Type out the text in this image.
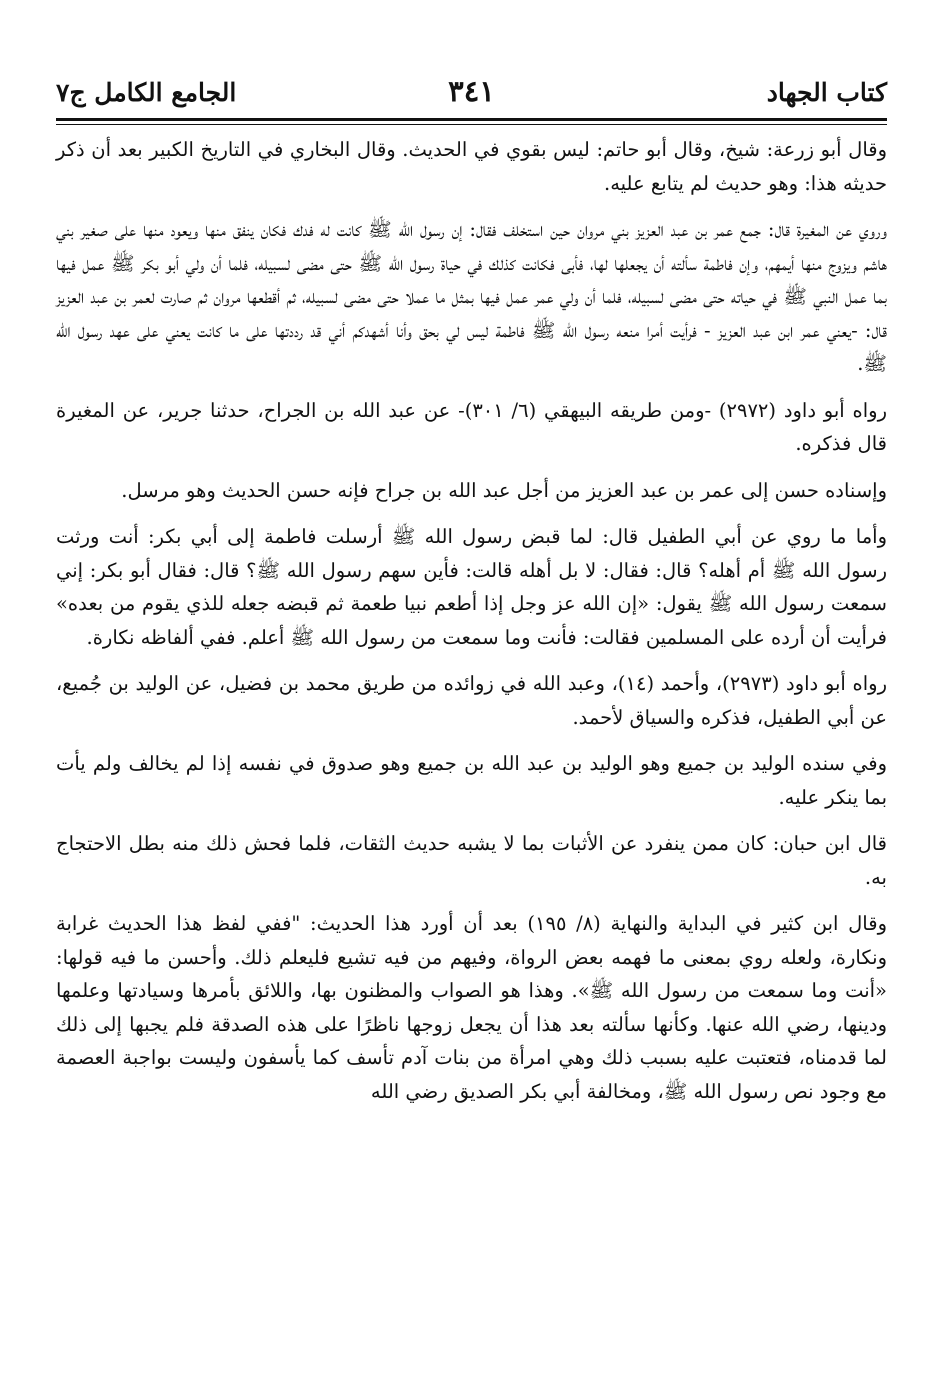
كتاب الجهاد
٣٤١
الجامع الكامل ج٧

وقال أبو زرعة: شيخ، وقال أبو حاتم: ليس بقوي في الحديث. وقال البخاري في التاريخ الكبير بعد أن ذكر حديثه هذا: وهو حديث لم يتابع عليه.

وروي عن المغيرة قال: جمع عمر بن عبد العزيز بني مروان حين استخلف فقال: إن رسول الله ﷺ كانت له فدك فكان ينفق منها ويعود منها على صغير بني هاشم ويزوج منها أيمهم، وإن فاطمة سألته أن يجعلها لها، فأبى فكانت كذلك في حياة رسول الله ﷺ حتى مضى لسبيله، فلما أن ولي أبو بكر ﷺ عمل فيها بما عمل النبي ﷺ في حياته حتى مضى لسبيله، فلما أن ولي عمر عمل فيها بمثل ما عملا حتى مضى لسبيله، ثم أقطعها مروان ثم صارت لعمر بن عبد العزيز قال: -يعني عمر ابن عبد العزيز - فرأيت أمرا منعه رسول الله ﷺ فاطمة ليس لي بحق وأنا أشهدكم أني قد رددتها على ما كانت يعني على عهد رسول الله ﷺ.

رواه أبو داود (٢٩٧٢) -ومن طريقه البيهقي (٦/ ٣٠١)- عن عبد الله بن الجراح، حدثنا جرير، عن المغيرة قال فذكره.

وإسناده حسن إلى عمر بن عبد العزيز من أجل عبد الله بن جراح فإنه حسن الحديث وهو مرسل.

وأما ما روي عن أبي الطفيل قال: لما قبض رسول الله ﷺ أرسلت فاطمة إلى أبي بكر: أنت ورثت رسول الله ﷺ أم أهله؟ قال: فقال: لا بل أهله قالت: فأين سهم رسول الله ﷺ؟ قال: فقال أبو بكر: إني سمعت رسول الله ﷺ يقول: «إن الله عز وجل إذا أطعم نبيا طعمة ثم قبضه جعله للذي يقوم من بعده» فرأيت أن أرده على المسلمين فقالت: فأنت وما سمعت من رسول الله ﷺ أعلم. ففي ألفاظه نكارة.

رواه أبو داود (٢٩٧٣)، وأحمد (١٤)، وعبد الله في زوائده من طريق محمد بن فضيل، عن الوليد بن جُميع، عن أبي الطفيل، فذكره والسياق لأحمد.

وفي سنده الوليد بن جميع وهو الوليد بن عبد الله بن جميع وهو صدوق في نفسه إذا لم يخالف ولم يأت بما ينكر عليه.

قال ابن حبان: كان ممن ينفرد عن الأثبات بما لا يشبه حديث الثقات، فلما فحش ذلك منه بطل الاحتجاج به.

وقال ابن كثير في البداية والنهاية (٨/ ١٩٥) بعد أن أورد هذا الحديث: "ففي لفظ هذا الحديث غرابة ونكارة، ولعله روي بمعنى ما فهمه بعض الرواة، وفيهم من فيه تشيع فليعلم ذلك. وأحسن ما فيه قولها: «أنت وما سمعت من رسول الله ﷺ». وهذا هو الصواب والمظنون بها، واللائق بأمرها وسيادتها وعلمها ودينها، رضي الله عنها. وكأنها سألته بعد هذا أن يجعل زوجها ناظرًا على هذه الصدقة فلم يجبها إلى ذلك لما قدمناه، فتعتبت عليه بسبب ذلك وهي امرأة من بنات آدم تأسف كما يأسفون وليست بواجبة العصمة مع وجود نص رسول الله ﷺ، ومخالفة أبي بكر الصديق رضي الله
